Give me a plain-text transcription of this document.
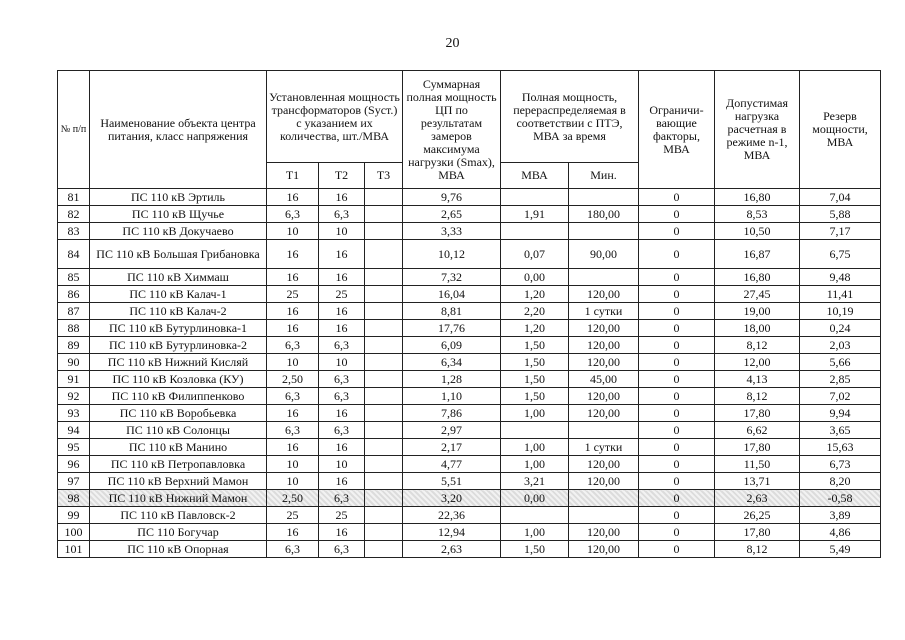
20
№ п/п	Наименование объекта центра питания, класс напряжения	Установленная мощность трансформаторов (Sуст.) с указанием их количества, шт./МВА			Суммарная полная мощность ЦП по результатам замеров максимума нагрузки (Smax), МВА	Полная мощность, перераспределяемая в соответствии с ПТЭ, МВА за время		Ограничи-вающие факторы, МВА	Допустимая нагрузка расчетная в режиме n-1, МВА	Резерв мощности, МВА
		Т1	Т2	Т3		МВА	Мин.			
81	ПС 110 кВ Эртиль	16	16		9,76			0	16,80	7,04
82	ПС 110 кВ Щучье	6,3	6,3		2,65	1,91	180,00	0	8,53	5,88
83	ПС 110 кВ Докучаево	10	10		3,33			0	10,50	7,17
84	ПС 110 кВ Большая Грибановка	16	16		10,12	0,07	90,00	0	16,87	6,75
85	ПС 110 кВ Химмаш	16	16		7,32	0,00		0	16,80	9,48
86	ПС 110 кВ Калач-1	25	25		16,04	1,20	120,00	0	27,45	11,41
87	ПС 110 кВ Калач-2	16	16		8,81	2,20	1 сутки	0	19,00	10,19
88	ПС 110 кВ Бутурлиновка-1	16	16		17,76	1,20	120,00	0	18,00	0,24
89	ПС 110 кВ Бутурлиновка-2	6,3	6,3		6,09	1,50	120,00	0	8,12	2,03
90	ПС 110 кВ Нижний Кисляй	10	10		6,34	1,50	120,00	0	12,00	5,66
91	ПС 110 кВ Козловка (КУ)	2,50	6,3		1,28	1,50	45,00	0	4,13	2,85
92	ПС 110 кВ Филиппенково	6,3	6,3		1,10	1,50	120,00	0	8,12	7,02
93	ПС 110 кВ Воробьевка	16	16		7,86	1,00	120,00	0	17,80	9,94
94	ПС 110 кВ Солонцы	6,3	6,3		2,97			0	6,62	3,65
95	ПС 110 кВ Манино	16	16		2,17	1,00	1 сутки	0	17,80	15,63
96	ПС 110 кВ Петропавловка	10	10		4,77	1,00	120,00	0	11,50	6,73
97	ПС 110 кВ Верхний Мамон	10	16		5,51	3,21	120,00	0	13,71	8,20
98	ПС 110 кВ Нижний Мамон	2,50	6,3		3,20	0,00		0	2,63	-0,58
99	ПС 110 кВ Павловск-2	25	25		22,36			0	26,25	3,89
100	ПС 110 Богучар	16	16		12,94	1,00	120,00	0	17,80	4,86
101	ПС 110 кВ Опорная	6,3	6,3		2,63	1,50	120,00	0	8,12	5,49
